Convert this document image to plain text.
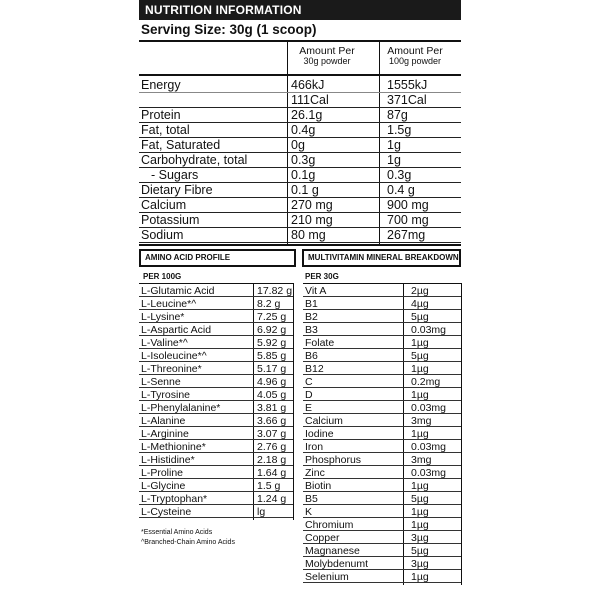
NUTRITION INFORMATION
Serving Size: 30g (1 scoop)
Amount Per
30g powder
Amount Per
100g powder
Energy	466kJ	1555kJ
111Cal	371Cal
Protein	26.1g	87g
Fat, total	0.4g	1.5g
Fat, Saturated	0g	1g
Carbohydrate, total	0.3g	1g
- Sugars	0.1g	0.3g
Dietary Fibre	0.1 g	0.4 g
Calcium	270 mg	900 mg
Potassium	210 mg	700 mg
Sodium	80 mg	267mg
AMINO ACID PROFILE	MULTIVITAMIN MINERAL BREAKDOWN
PER 100G	PER 30G
L-Glutamic Acid	17.82 g
L-Leucine*^	8.2 g
L-Lysine*	7.25 g
L-Aspartic Acid	6.92 g
L-Valine*^	5.92 g
L-Isoleucine*^	5.85 g
L-Threonine*	5.17 g
L-Senne	4.96 g
L-Tyrosine	4.05 g
L-Phenylalanine*	3.81 g
L-Alanine	3.66 g
L-Arginine	3.07 g
L-Methionine*	2.76 g
L-Histidine*	2.18 g
L-Proline	1.64 g
L-Glycine	1.5 g
L-Tryptophan*	1.24 g
L-Cysteine	lg
Vit A	2µg
B1	4µg
B2	5µg
B3	0.03mg
Folate	1µg
B6	5µg
B12	1µg
C	0.2mg
D	1µg
E	0.03mg
Calcium	3mg
Iodine	1µg
Iron	0.03mg
Phosphorus	3mg
Zinc	0.03mg
Biotin	1µg
B5	5µg
K	1µg
Chromium	1µg
Copper	3µg
Magnanese	5µg
Molybdenumt	3µg
Selenium	1µg
*Essential Amino Acids
^Branched-Chain Amino Acids
